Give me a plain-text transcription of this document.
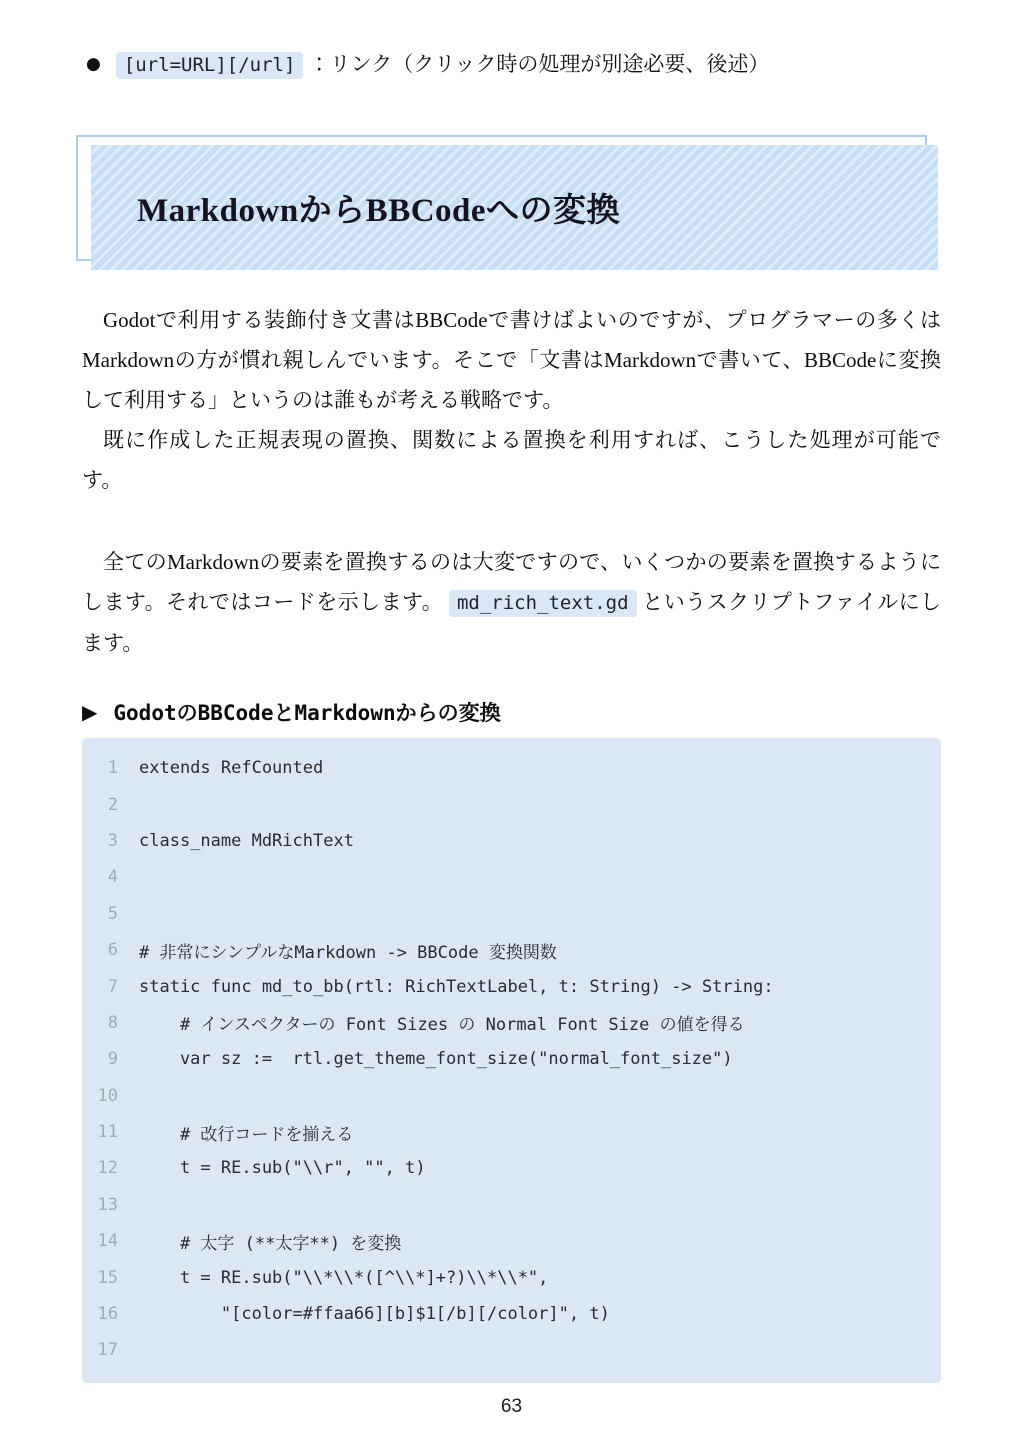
●	[url=URL][/url] ：リンク（クリック時の処理が別途必要、後述）
MarkdownからBBCodeへの変換

Godotで利用する装飾付き文書はBBCodeで書けばよいのですが、プログラマーの多くはMarkdownの方が慣れ親しんでいます。そこで「文書はMarkdownで書いて、BBCodeに変換して利用する」というのは誰もが考える戦略です。

既に作成した正規表現の置換、関数による置換を利用すれば、こうした処理が可能です。

全てのMarkdownの要素を置換するのは大変ですので、いくつかの要素を置換するようにします。それではコードを示します。 md_rich_text.gd というスクリプトファイルにします。

▶ GodotのBBCodeとMarkdownからの変換
1 extends RefCounted
2
3 class_name MdRichText
4
5
6 # 非常にシンプルなMarkdown -> BBCode 変換関数
7 static func md_to_bb(rtl: RichTextLabel, t: String) -> String:
8 # インスペクターの Font Sizes の Normal Font Size の値を得る
9 var sz :=  rtl.get_theme_font_size("normal_font_size")
10
11 # 改行コードを揃える
12 t = RE.sub("\\r", "", t)
13
14 # 太字 (**太字**) を変換
15 t = RE.sub("\\*\\*([^\\*]+?)\\*\\*",
16 "[color=#ffaa66][b]$1[/b][/color]", t)
17
63
